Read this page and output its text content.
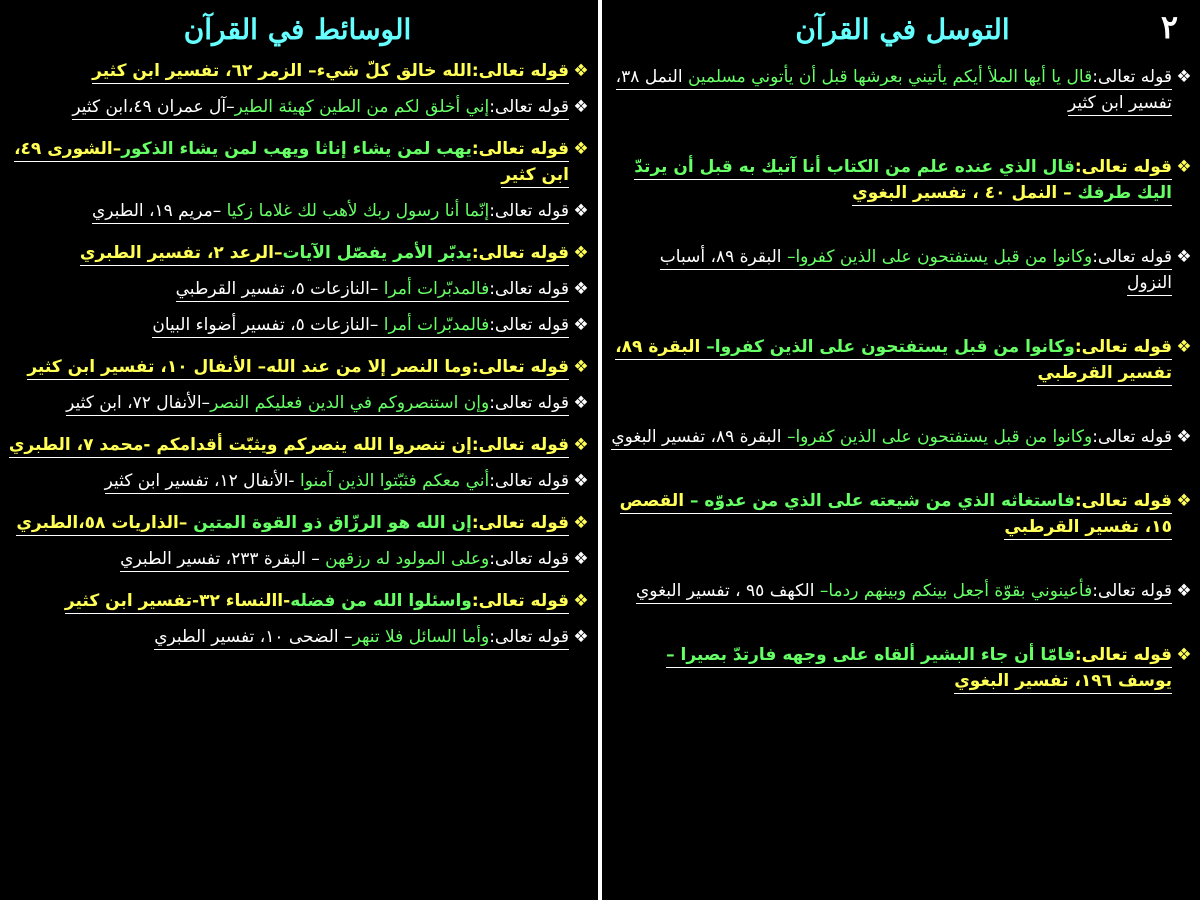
الوسائط في القرآن
❖
قوله تعالى:الله خالق كلّ شيء– الزمر ٦٢، تفسير ابن كثير
❖
قوله تعالى:إني أخلق لكم من الطين كهيئة الطير–آل عمران ٤٩،ابن كثير
❖
قوله تعالى:يهب لمن يشاء إناثا ويهب لمن يشاء الذكور–الشورى ٤٩، ابن كثير
❖
قوله تعالى:إنّما أنا رسول ربك لأهب لك غلاما زكيا –مريم ١٩، الطبري
❖
قوله تعالى:يدبّر الأمر يفصّل الآيات–الرعد ٢، تفسير الطبري
❖
قوله تعالى:فالمدبّرات أمرا –النازعات ٥، تفسير القرطبي
❖
قوله تعالى:فالمدبّرات أمرا –النازعات ٥، تفسير أضواء البيان
❖
قوله تعالى:وما النصر إلا من عند الله– الأنفال ١٠، تفسير ابن كثير
❖
قوله تعالى:وإن استنصروكم في الدين فعليكم النصر–الأنفال ٧٢، ابن كثير
❖
قوله تعالى:إن تنصروا الله ينصركم ويثبّت أقدامكم -محمد ٧، الطبري
❖
قوله تعالى:أني معكم فثبّتوا الذين آمنوا -الأنفال ١٢، تفسير ابن كثير
❖
قوله تعالى:إن الله هو الرزّاق ذو القوة المتين –الذاريات ٥٨،الطبري
❖
قوله تعالى:وعلى المولود له رزقهن – البقرة ٢٣٣، تفسير الطبري
❖
قوله تعالى:واسئلوا الله من فضله-االنساء ٣٢-تفسير ابن كثير
❖
قوله تعالى:وأما السائل فلا تنهر– الضحى ١٠، تفسير الطبري
٢
التوسل في القرآن
❖
قوله تعالى:قال يا أيها الملأ أيكم يأتيني بعرشها قبل أن يأتوني مسلمين النمل ٣٨، تفسير ابن كثير
❖
قوله تعالى:قال الذي عنده علم من الكتاب أنا آتيك به قبل أن يرتدّ اليك طرفك – النمل ٤٠ ، تفسير البغوي
❖
قوله تعالى:وكانوا من قبل يستفتحون على الذين كفروا– البقرة ٨٩، أسباب النزول
❖
قوله تعالى:وكانوا من قبل يستفتحون على الذين كفروا– البقرة ٨٩، تفسير القرطبي
❖
قوله تعالى:وكانوا من قبل يستفتحون على الذين كفروا– البقرة ٨٩، تفسير البغوي
❖
قوله تعالى:فاستغاثه الذي من شيعته على الذي من عدوّه – القصص ١٥، تفسير القرطبي
❖
قوله تعالى:فأعينوني بقوّة أجعل بينكم وبينهم ردما– الكهف ٩٥ ، تفسير البغوي
❖
قوله تعالى:فامّا أن جاء البشير ألقاه على وجهه فارتدّ بصيرا – يوسف ١٩٦، تفسير البغوي
